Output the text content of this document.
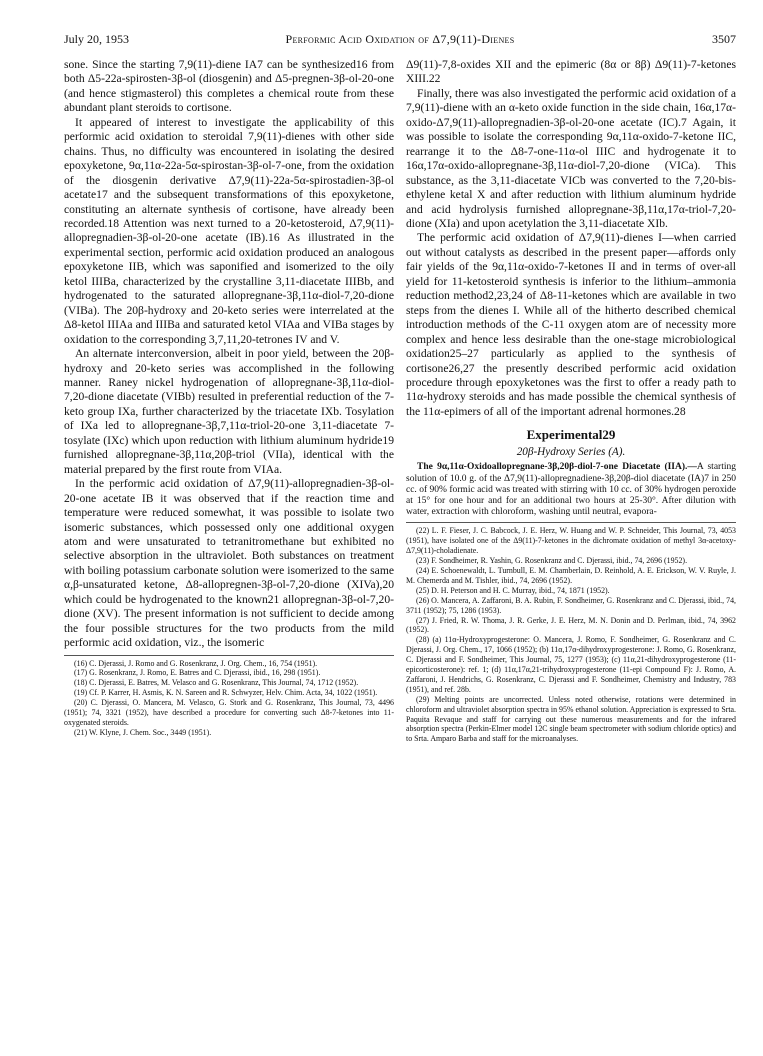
July 20, 1953	Performic Acid Oxidation of Δ7,9(11)-Dienes	3507

sone. Since the starting 7,9(11)-diene IA7 can be synthesized16 from both Δ5-22a-spirosten-3β-ol (diosgenin) and Δ5-pregnen-3β-ol-20-one (and hence stigmasterol) this completes a chemical route from these abundant plant steroids to cortisone.

It appeared of interest to investigate the applicability of this performic acid oxidation to steroidal 7,9(11)-dienes with other side chains. Thus, no difficulty was encountered in isolating the desired epoxyketone, 9α,11α-22a-5α-spirostan-3β-ol-7-one, from the oxidation of the diosgenin derivative Δ7,9(11)-22a-5α-spirostadien-3β-ol acetate17 and the subsequent transformations of this epoxyketone, constituting an alternate synthesis of cortisone, have already been recorded.18 Attention was next turned to a 20-ketosteroid, Δ7,9(11)-allopregnadien-3β-ol-20-one acetate (IB).16 As illustrated in the experimental section, performic acid oxidation produced an analogous epoxyketone IIB, which was saponified and isomerized to the oily ketol IIIBa, characterized by the crystalline 3,11-diacetate IIIBb, and hydrogenated to the saturated allopregnane-3β,11α-diol-7,20-dione (VIBa). The 20β-hydroxy and 20-keto series were interrelated at the Δ8-ketol IIIAa and IIIBa and saturated ketol VIAa and VIBa stages by oxidation to the corresponding 3,7,11,20-tetrones IV and V.

An alternate interconversion, albeit in poor yield, between the 20β-hydroxy and 20-keto series was accomplished in the following manner. Raney nickel hydrogenation of allopregnane-3β,11α-diol-7,20-dione diacetate (VIBb) resulted in preferential reduction of the 7-keto group IXa, further characterized by the triacetate IXb. Tosylation of IXa led to allopregnane-3β,7,11α-triol-20-one 3,11-diacetate 7-tosylate (IXc) which upon reduction with lithium aluminum hydride19 furnished allopregnane-3β,11α,20β-triol (VIIa), identical with the material prepared by the first route from VIAa.

In the performic acid oxidation of Δ7,9(11)-allopregnadien-3β-ol-20-one acetate IB it was observed that if the reaction time and temperature were reduced somewhat, it was possible to isolate two isomeric substances, which possessed only one additional oxygen atom and were unsaturated to tetranitromethane but exhibited no selective absorption in the ultraviolet. Both substances on treatment with boiling potassium carbonate solution were isomerized to the same α,β-unsaturated ketone, Δ8-allopregnen-3β-ol-7,20-dione (XIVa),20 which could be hydrogenated to the known21 allopregnan-3β-ol-7,20-dione (XV). The present information is not sufficient to decide among the four possible structures for the two products from the mild performic acid oxidation, viz., the isomeric

(16) C. Djerassi, J. Romo and G. Rosenkranz, J. Org. Chem., 16, 754 (1951).

(17) G. Rosenkranz, J. Romo, E. Batres and C. Djerassi, ibid., 16, 298 (1951).

(18) C. Djerassi, E. Batres, M. Velasco and G. Rosenkranz, This Journal, 74, 1712 (1952).

(19) Cf. P. Karrer, H. Asmis, K. N. Sareen and R. Schwyzer, Helv. Chim. Acta, 34, 1022 (1951).

(20) C. Djerassi, O. Mancera, M. Velasco, G. Stork and G. Rosenkranz, This Journal, 73, 4496 (1951); 74, 3321 (1952), have described a procedure for converting such Δ8-7-ketones into 11-oxygenated steroids.

(21) W. Klyne, J. Chem. Soc., 3449 (1951).

Δ9(11)-7,8-oxides XII and the epimeric (8α or 8β) Δ9(11)-7-ketones XIII.22

Finally, there was also investigated the performic acid oxidation of a 7,9(11)-diene with an α-keto oxide function in the side chain, 16α,17α-oxido-Δ7,9(11)-allopregnadien-3β-ol-20-one acetate (IC).7 Again, it was possible to isolate the corresponding 9α,11α-oxido-7-ketone IIC, rearrange it to the Δ8-7-one-11α-ol IIIC and hydrogenate it to 16α,17α-oxido-allopregnane-3β,11α-diol-7,20-dione (VICa). This substance, as the 3,11-diacetate VICb was converted to the 7,20-bis-ethylene ketal X and after reduction with lithium aluminum hydride and acid hydrolysis furnished allopregnane-3β,11α,17α-triol-7,20-dione (XIa) and upon acetylation the 3,11-diacetate XIb.

The performic acid oxidation of Δ7,9(11)-dienes I—when carried out without catalysts as described in the present paper—affords only fair yields of the 9α,11α-oxido-7-ketones II and in terms of over-all yield for 11-ketosteroid synthesis is inferior to the lithium–ammonia reduction method2,23,24 of Δ8-11-ketones which are available in two steps from the dienes I. While all of the hitherto described chemical introduction methods of the C-11 oxygen atom are of necessity more complex and hence less desirable than the one-stage microbiological oxidation25–27 particularly as applied to the synthesis of cortisone26,27 the presently described performic acid oxidation procedure through epoxyketones was the first to offer a ready path to 11α-hydroxy steroids and has made possible the chemical synthesis of the 11α-epimers of all of the important adrenal hormones.28

Experimental29
20β-Hydroxy Series (A).

The 9α,11α-Oxidoallopregnane-3β,20β-diol-7-one Diacetate (IIA).—A starting solution of 10.0 g. of the Δ7,9(11)-allopregnadiene-3β,20β-diol diacetate (IA)7 in 250 cc. of 90% formic acid was treated with stirring with 10 cc. of 30% hydrogen peroxide at 15° for one hour and for an additional two hours at 25-30°. After dilution with water, extraction with chloroform, washing until neutral, evapora-

(22) L. F. Fieser, J. C. Babcock, J. E. Herz, W. Huang and W. P. Schneider, This Journal, 73, 4053 (1951), have isolated one of the Δ9(11)-7-ketones in the dichromate oxidation of methyl 3α-acetoxy-Δ7,9(11)-choladienate.

(23) F. Sondheimer, R. Yashin, G. Rosenkranz and C. Djerassi, ibid., 74, 2696 (1952).

(24) E. Schoenewaldt, L. Turnbull, E. M. Chamberlain, D. Reinhold, A. E. Erickson, W. V. Ruyle, J. M. Chemerda and M. Tishler, ibid., 74, 2696 (1952).

(25) D. H. Peterson and H. C. Murray, ibid., 74, 1871 (1952).

(26) O. Mancera, A. Zaffaroni, B. A. Rubin, F. Sondheimer, G. Rosenkranz and C. Djerassi, ibid., 74, 3711 (1952); 75, 1286 (1953).

(27) J. Fried, R. W. Thoma, J. R. Gerke, J. E. Herz, M. N. Donin and D. Perlman, ibid., 74, 3962 (1952).

(28) (a) 11α-Hydroxyprogesterone: O. Mancera, J. Romo, F. Sondheimer, G. Rosenkranz and C. Djerassi, J. Org. Chem., 17, 1066 (1952); (b) 11α,17α-dihydroxyprogesterone: J. Romo, G. Rosenkranz, C. Djerassi and F. Sondheimer, This Journal, 75, 1277 (1953); (c) 11α,21-dihydroxyprogesterone (11-epicorticosterone): ref. 1; (d) 11α,17α,21-trihydroxyprogesterone (11-epi Compound F): J. Romo, A. Zaffaroni, J. Hendrichs, G. Rosenkranz, C. Djerassi and F. Sondheimer, Chemistry and Industry, 783 (1951), and ref. 28b.

(29) Melting points are uncorrected. Unless noted otherwise, rotations were determined in chloroform and ultraviolet absorption spectra in 95% ethanol solution. Appreciation is expressed to Srta. Paquita Revaque and staff for carrying out these numerous measurements and for the infrared absorption spectra (Perkin-Elmer model 12C single beam spectrometer with sodium chloride optics) and to Srta. Amparo Barba and staff for the microanalyses.
